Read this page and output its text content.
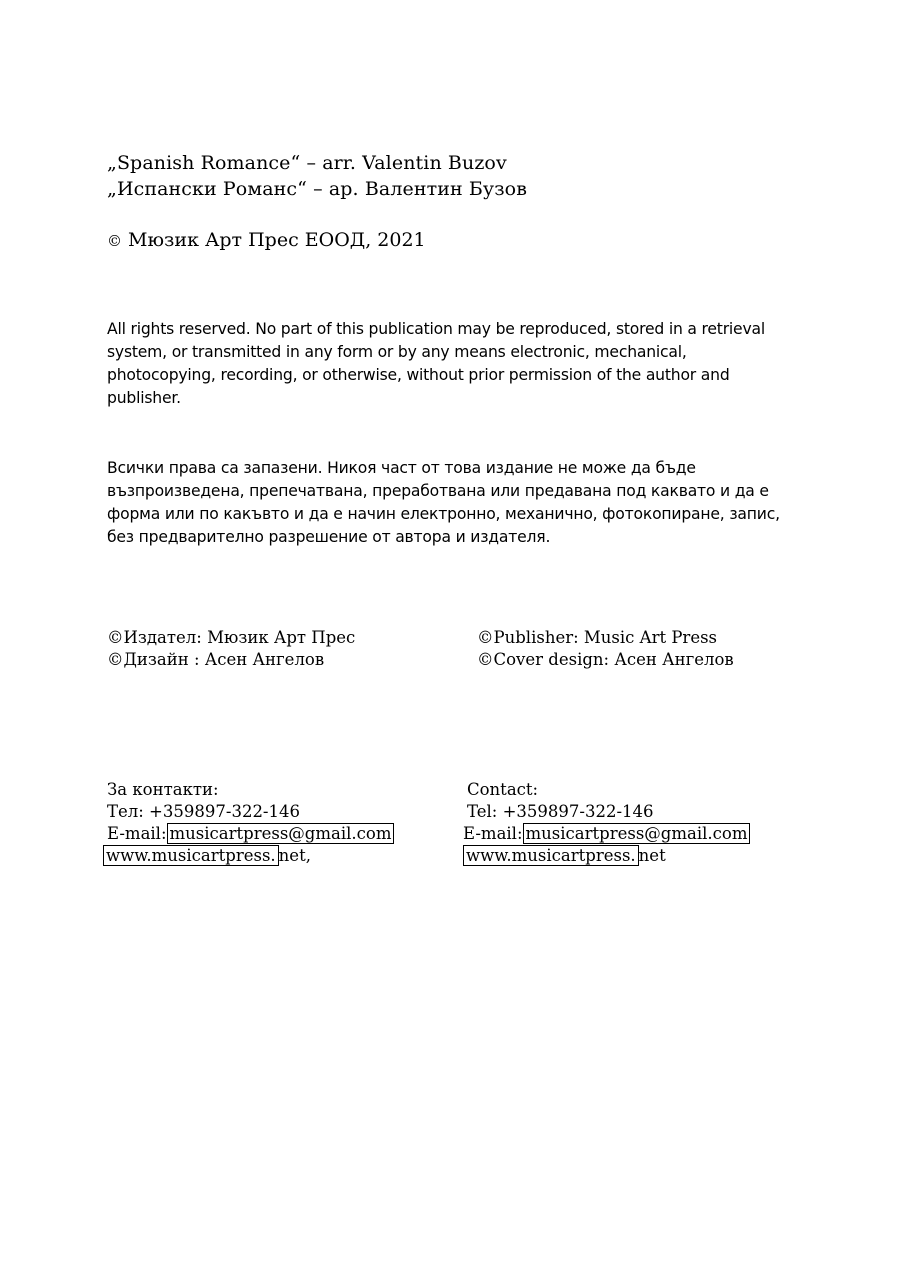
„Spanish Romance“ – arr. Valentin Buzov
„Испански Романс“ – ар. Валентин Бузов
© Мюзик Арт Прес ЕООД, 2021
All rights reserved. No part of this publication may be reproduced, stored in a retrieval system, or transmitted in any form or by any means electronic, mechanical, photocopying, recording, or otherwise, without prior permission of the author and publisher.
Всички права са запазени. Никоя част от това издание не може да бъде възпроизведена, препечатвана, преработвана или предавана под каквато и да е форма или по какъвто и да е начин електронно, механично, фотокопиране, запис, без предварително разрешение от автора и издателя.
©Издател: Мюзик Арт Прес
©Дизайн : Асен Ангелов
©Publisher: Music Art Press
©Cover design: Асен Ангелов
За контакти:
Тел: +359897-322-146
E-mail: musicartpress@gmail.com
www.musicartpress. net,
Contact:
Tel: +359897-322-146
E-mail: musicartpress@gmail.com
www.musicartpress. net
